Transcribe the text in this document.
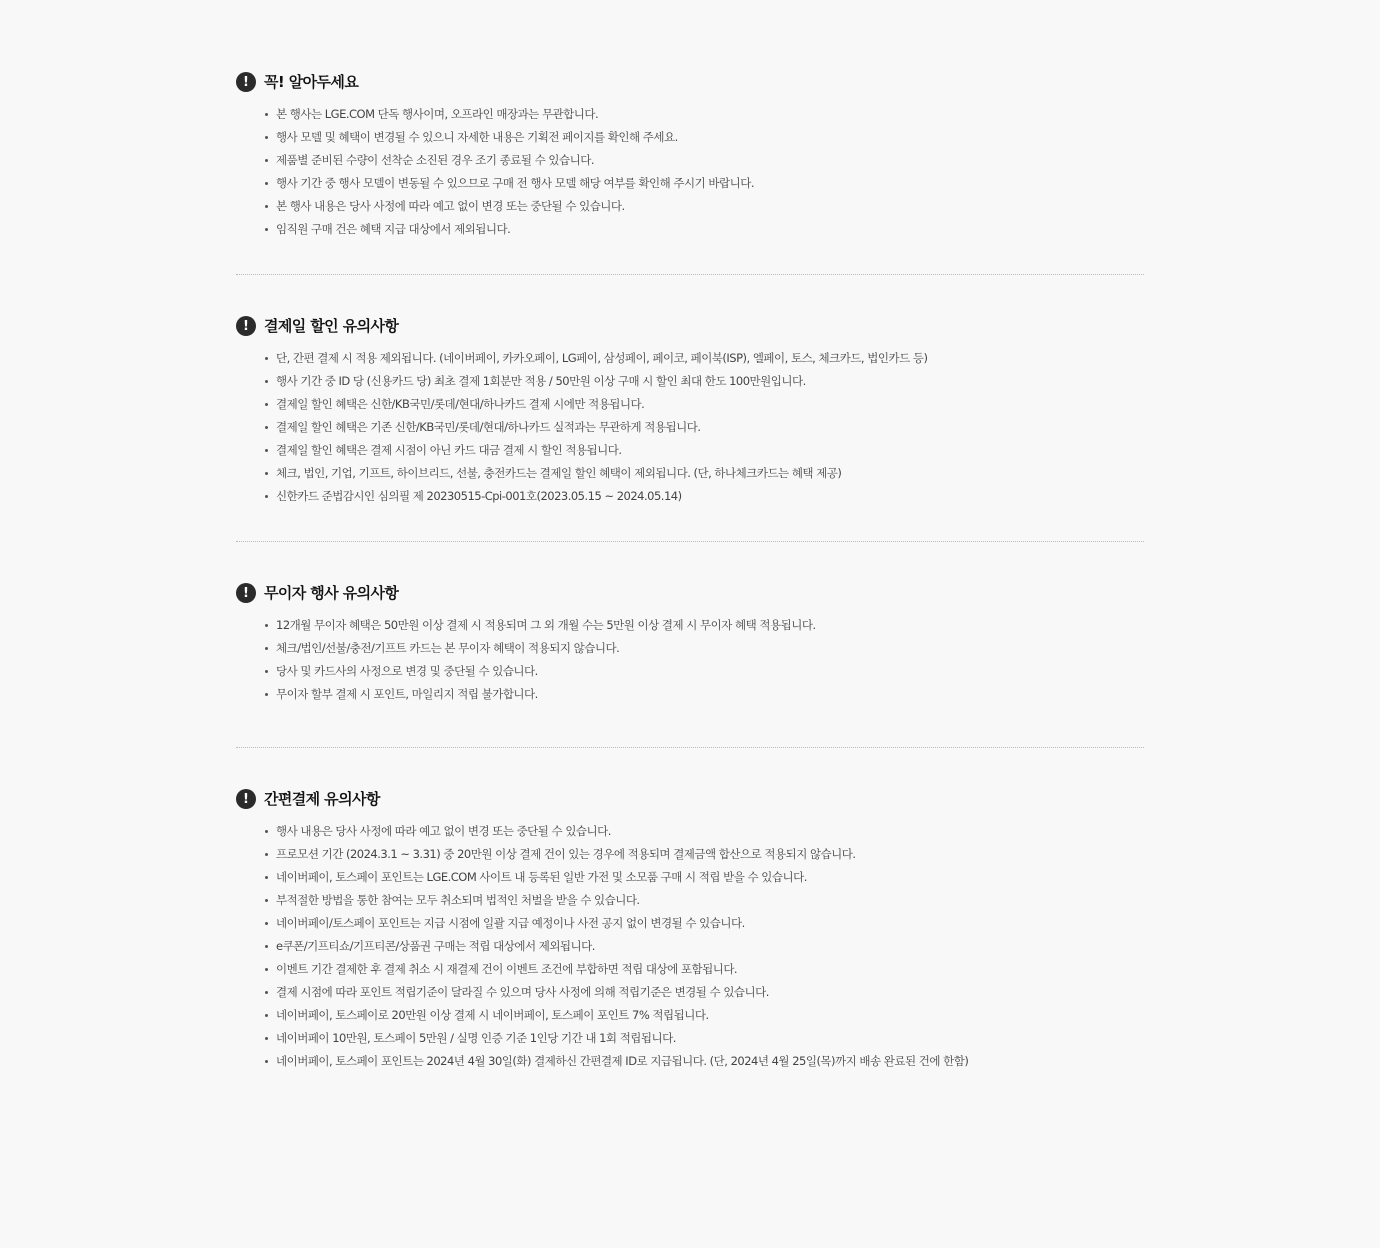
!	꼭! 알아두세요
본 행사는 LGE.COM 단독 행사이며, 오프라인 매장과는 무관합니다.
행사 모델 및 혜택이 변경될 수 있으니 자세한 내용은 기획전 페이지를 확인해 주세요.
제품별 준비된 수량이 선착순 소진된 경우 조기 종료될 수 있습니다.
행사 기간 중 행사 모델이 변동될 수 있으므로 구매 전 행사 모델 해당 여부를 확인해 주시기 바랍니다.
본 행사 내용은 당사 사정에 따라 예고 없이 변경 또는 중단될 수 있습니다.
임직원 구매 건은 혜택 지급 대상에서 제외됩니다.
!	결제일 할인 유의사항
단, 간편 결제 시 적용 제외됩니다. (네이버페이, 카카오페이, LG페이, 삼성페이, 페이코, 페이북(ISP), 엘페이, 토스, 체크카드, 법인카드 등)
행사 기간 중 ID 당 (신용카드 당) 최초 결제 1회분만 적용 / 50만원 이상 구매 시 할인 최대 한도 100만원입니다.
결제일 할인 혜택은 신한/KB국민/롯데/현대/하나카드 결제 시에만 적용됩니다.
결제일 할인 혜택은 기존 신한/KB국민/롯데/현대/하나카드 실적과는 무관하게 적용됩니다.
결제일 할인 혜택은 결제 시점이 아닌 카드 대금 결제 시 할인 적용됩니다.
체크, 법인, 기업, 기프트, 하이브리드, 선불, 충전카드는 결제일 할인 혜택이 제외됩니다. (단, 하나체크카드는 혜택 제공)
신한카드 준법감시인 심의필 제 20230515-Cpi-001호(2023.05.15 ~ 2024.05.14)
!	무이자 행사 유의사항
12개월 무이자 혜택은 50만원 이상 결제 시 적용되며 그 외 개월 수는 5만원 이상 결제 시 무이자 혜택 적용됩니다.
체크/법인/선불/충전/기프트 카드는 본 무이자 혜택이 적용되지 않습니다.
당사 및 카드사의 사정으로 변경 및 중단될 수 있습니다.
무이자 할부 결제 시 포인트, 마일리지 적립 불가합니다.
!	간편결제 유의사항
행사 내용은 당사 사정에 따라 예고 없이 변경 또는 중단될 수 있습니다.
프로모션 기간 (2024.3.1 ~ 3.31) 중 20만원 이상 결제 건이 있는 경우에 적용되며 결제금액 합산으로 적용되지 않습니다.
네이버페이, 토스페이 포인트는 LGE.COM 사이트 내 등록된 일반 가전 및 소모품 구매 시 적립 받을 수 있습니다.
부적절한 방법을 통한 참여는 모두 취소되며 법적인 처벌을 받을 수 있습니다.
네이버페이/토스페이 포인트는 지급 시점에 일괄 지급 예정이나 사전 공지 없이 변경될 수 있습니다.
e쿠폰/기프티쇼/기프티콘/상품권 구매는 적립 대상에서 제외됩니다.
이벤트 기간 결제한 후 결제 취소 시 재결제 건이 이벤트 조건에 부합하면 적립 대상에 포함됩니다.
결제 시점에 따라 포인트 적립기준이 달라질 수 있으며 당사 사정에 의해 적립기준은 변경될 수 있습니다.
네이버페이, 토스페이로 20만원 이상 결제 시 네이버페이, 토스페이 포인트 7% 적립됩니다.
네이버페이 10만원, 토스페이 5만원 / 실명 인증 기준 1인당 기간 내 1회 적립됩니다.
네이버페이, 토스페이 포인트는 2024년 4월 30일(화) 결제하신 간편결제 ID로 지급됩니다. (단, 2024년 4월 25일(목)까지 배송 완료된 건에 한함)
